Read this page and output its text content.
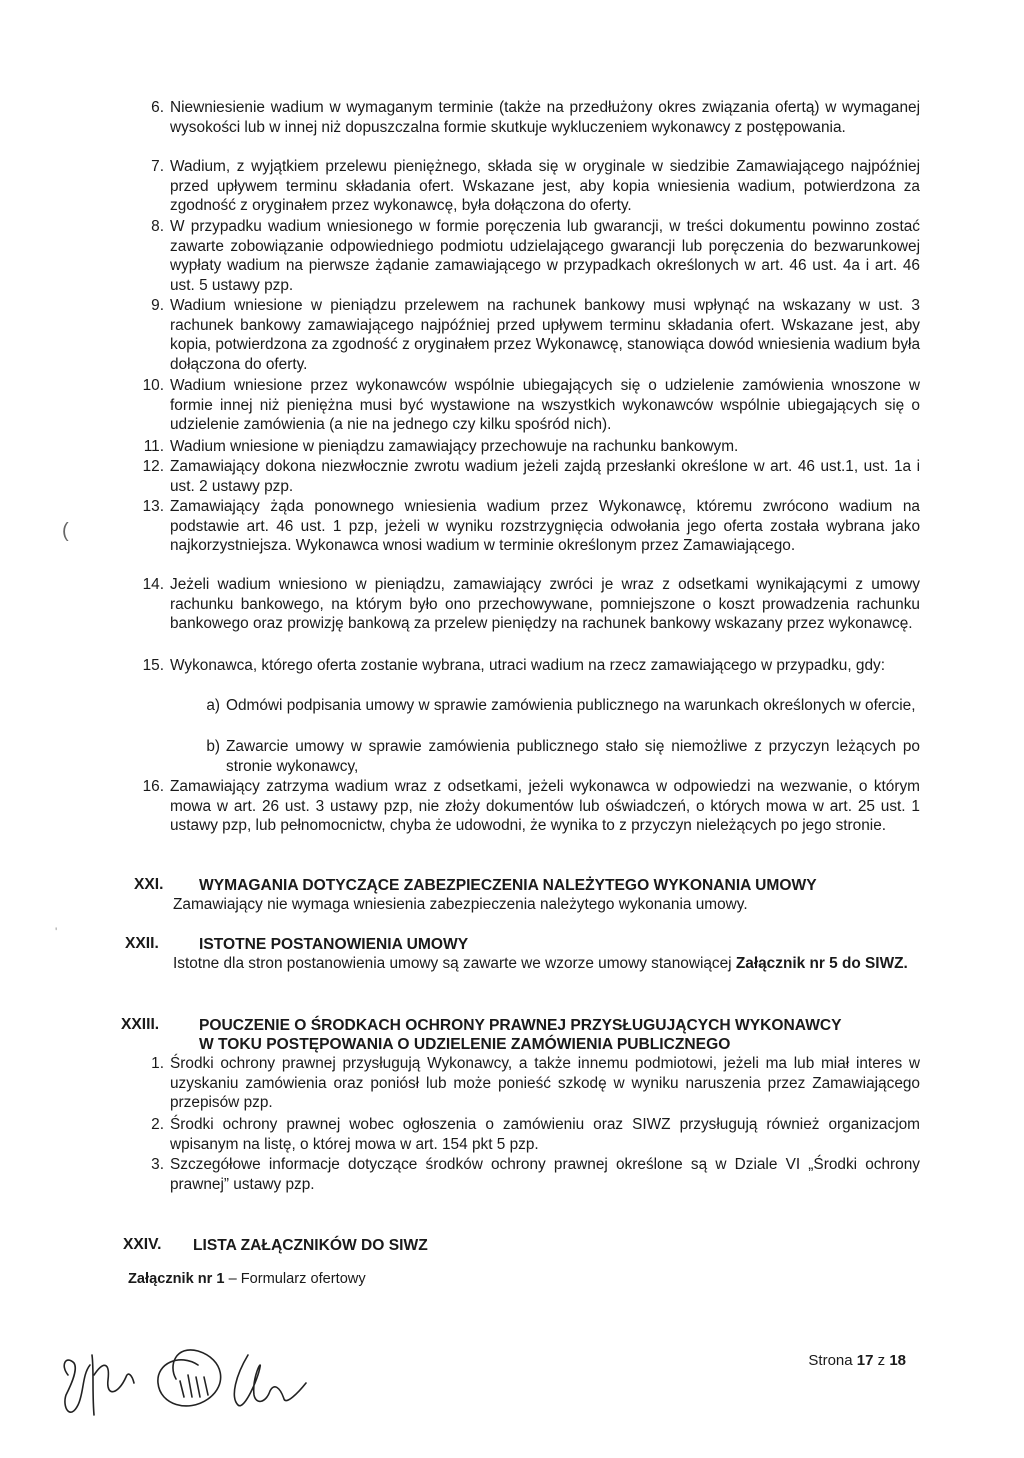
6. Niewniesienie wadium w wymaganym terminie (także na przedłużony okres związania ofertą) w wymaganej wysokości lub w innej niż dopuszczalna formie skutkuje wykluczeniem wykonawcy z postępowania.
7. Wadium, z wyjątkiem przelewu pieniężnego, składa się w oryginale w siedzibie Zamawiającego najpóźniej przed upływem terminu składania ofert. Wskazane jest, aby kopia wniesienia wadium, potwierdzona za zgodność z oryginałem przez wykonawcę, była dołączona do oferty.
8. W przypadku wadium wniesionego w formie poręczenia lub gwarancji, w treści dokumentu powinno zostać zawarte zobowiązanie odpowiedniego podmiotu udzielającego gwarancji lub poręczenia do bezwarunkowej wypłaty wadium na pierwsze żądanie zamawiającego w przypadkach określonych w art. 46 ust. 4a i art. 46 ust. 5 ustawy pzp.
9. Wadium wniesione w pieniądzu przelewem na rachunek bankowy musi wpłynąć na wskazany w ust. 3 rachunek bankowy zamawiającego najpóźniej przed upływem terminu składania ofert. Wskazane jest, aby kopia, potwierdzona za zgodność z oryginałem przez Wykonawcę, stanowiąca dowód wniesienia wadium była dołączona do oferty.
10. Wadium wniesione przez wykonawców wspólnie ubiegających się o udzielenie zamówienia wnoszone w formie innej niż pieniężna musi być wystawione na wszystkich wykonawców wspólnie ubiegających się o udzielenie zamówienia (a nie na jednego czy kilku spośród nich).
11. Wadium wniesione w pieniądzu zamawiający przechowuje na rachunku bankowym.
12. Zamawiający dokona niezwłocznie zwrotu wadium jeżeli zajdą przesłanki określone w art. 46 ust.1, ust. 1a i ust. 2 ustawy pzp.
13. Zamawiający żąda ponownego wniesienia wadium przez Wykonawcę, któremu zwrócono wadium na podstawie art. 46 ust. 1 pzp, jeżeli w wyniku rozstrzygnięcia odwołania jego oferta została wybrana jako najkorzystniejsza. Wykonawca wnosi wadium w terminie określonym przez Zamawiającego.
14. Jeżeli wadium wniesiono w pieniądzu, zamawiający zwróci je wraz z odsetkami wynikającymi z umowy rachunku bankowego, na którym było ono przechowywane, pomniejszone o koszt prowadzenia rachunku bankowego oraz prowizję bankową za przelew pieniędzy na rachunek bankowy wskazany przez wykonawcę.
15. Wykonawca, którego oferta zostanie wybrana, utraci wadium na rzecz zamawiającego w przypadku, gdy:
a) Odmówi podpisania umowy w sprawie zamówienia publicznego na warunkach określonych w ofercie,
b) Zawarcie umowy w sprawie zamówienia publicznego stało się niemożliwe z przyczyn leżących po stronie wykonawcy,
16. Zamawiający zatrzyma wadium wraz z odsetkami, jeżeli wykonawca w odpowiedzi na wezwanie, o którym mowa w art. 26 ust. 3 ustawy pzp, nie złoży dokumentów lub oświadczeń, o których mowa w art. 25 ust. 1 ustawy pzp, lub pełnomocnictw, chyba że udowodni, że wynika to z przyczyn nieleżących po jego stronie.
(
'
XXI. WYMAGANIA DOTYCZĄCE ZABEZPIECZENIA NALEŻYTEGO WYKONANIA UMOWY
Zamawiający nie wymaga wniesienia zabezpieczenia należytego wykonania umowy.
XXII.	ISTOTNE POSTANOWIENIA UMOWY
Istotne dla stron postanowienia umowy są zawarte we wzorze umowy stanowiącej Załącznik nr 5 do SIWZ.
XXIII.	POUCZENIE O ŚRODKACH OCHRONY PRAWNEJ PRZYSŁUGUJĄCYCH WYKONAWCY
W TOKU POSTĘPOWANIA O UDZIELENIE ZAMÓWIENIA PUBLICZNEGO
1. Środki ochrony prawnej przysługują Wykonawcy, a także innemu podmiotowi, jeżeli ma lub miał interes w uzyskaniu zamówienia oraz poniósł lub może ponieść szkodę w wyniku naruszenia przez Zamawiającego przepisów pzp.
2. Środki ochrony prawnej wobec ogłoszenia o zamówieniu oraz SIWZ przysługują również organizacjom wpisanym na listę, o której mowa w art. 154 pkt 5 pzp.
3. Szczegółowe informacje dotyczące środków ochrony prawnej określone są w Dziale VI „Środki ochrony prawnej” ustawy pzp.
XXIV. LISTA ZAŁĄCZNIKÓW DO SIWZ
Załącznik nr 1 – Formularz ofertowy
Strona 17 z 18
